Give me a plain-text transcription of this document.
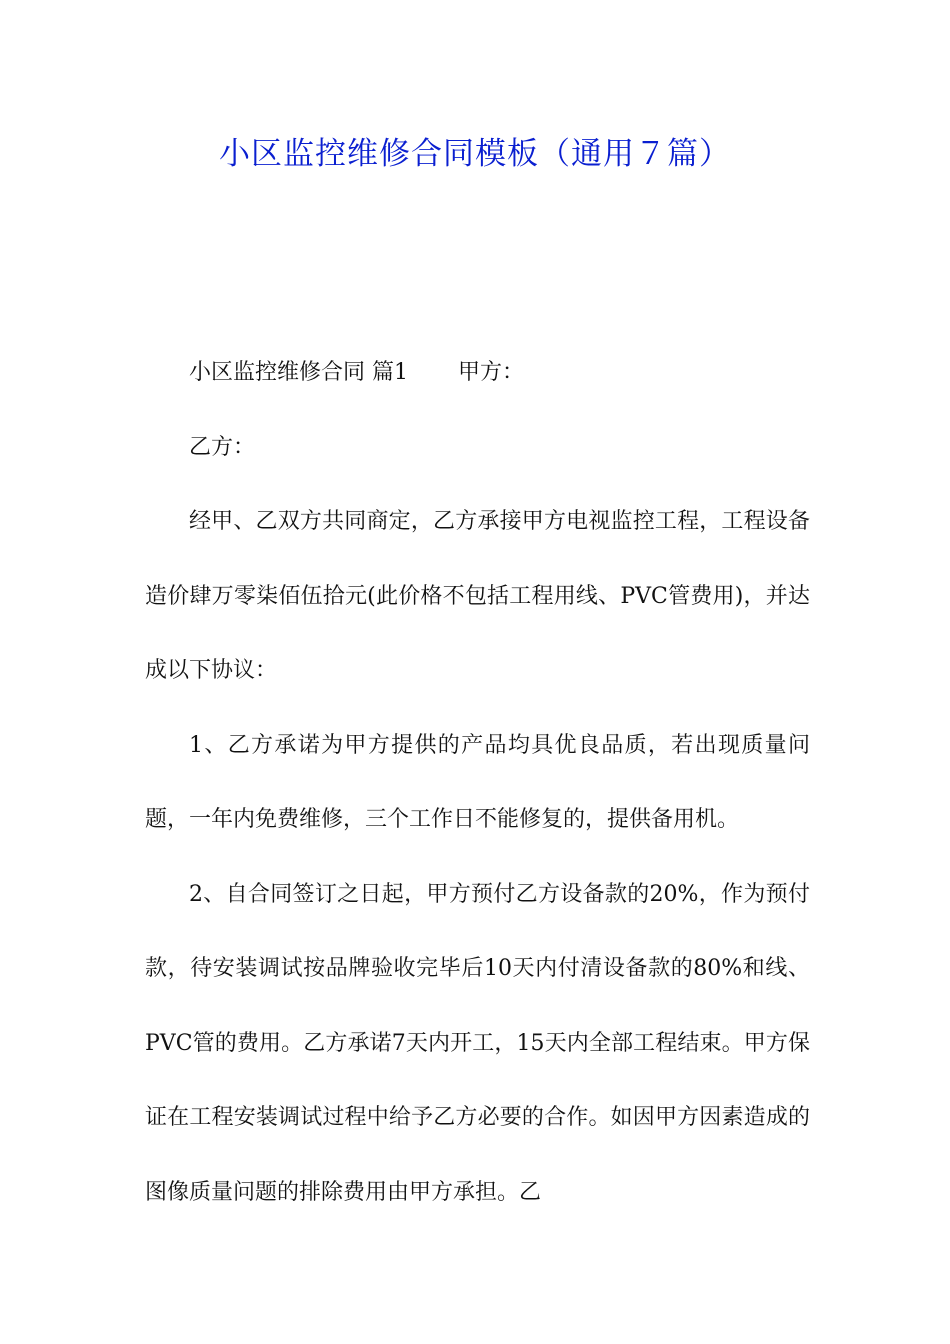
小区监控维修合同模板（通用７篇）

小区监控维修合同 篇1 甲方：

乙方：

经甲、乙双方共同商定，乙方承接甲方电视监控工程，工程设备造价肆万零柒佰伍拾元(此价格不包括工程用线、PVC管费用)，并达成以下协议：

1、乙方承诺为甲方提供的产品均具优良品质，若出现质量问题，一年内免费维修，三个工作日不能修复的，提供备用机。

2、自合同签订之日起，甲方预付乙方设备款的20%，作为预付款，待安装调试按品牌验收完毕后10天内付清设备款的80%和线、PVC管的费用。乙方承诺7天内开工，15天内全部工程结束。甲方保证在工程安装调试过程中给予乙方必要的合作。如因甲方因素造成的图像质量问题的排除费用由甲方承担。乙
